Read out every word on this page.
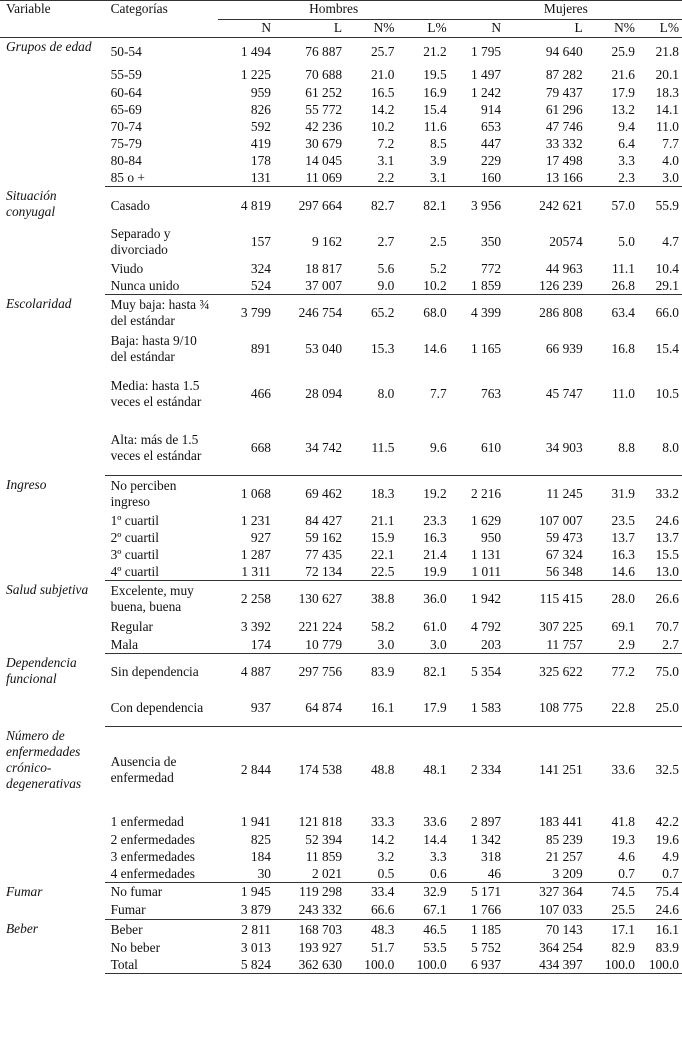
Variable	Categorías	Hombres				Mujeres			
		N	L	N%	L%	N	L	N%	L%
Grupos de edad	50-54	1 494	76 887	25.7	21.2	1 795	94 640	25.9	21.8
	55-59	1 225	70 688	21.0	19.5	1 497	87 282	21.6	20.1
	60-64	959	61 252	16.5	16.9	1 242	79 437	17.9	18.3
	65-69	826	55 772	14.2	15.4	914	61 296	13.2	14.1
	70-74	592	42 236	10.2	11.6	653	47 746	9.4	11.0
	75-79	419	30 679	7.2	8.5	447	33 332	6.4	7.7
	80-84	178	14 045	3.1	3.9	229	17 498	3.3	4.0
	85 o +	131	11 069	2.2	3.1	160	13 166	2.3	3.0
Situación conyugal	Casado	4 819	297 664	82.7	82.1	3 956	242 621	57.0	55.9
	Separado y divorciado	157	9 162	2.7	2.5	350	20574	5.0	4.7
	Viudo	324	18 817	5.6	5.2	772	44 963	11.1	10.4
	Nunca unido	524	37 007	9.0	10.2	1 859	126 239	26.8	29.1
Escolaridad	Muy baja: hasta ¾ del estándar	3 799	246 754	65.2	68.0	4 399	286 808	63.4	66.0
	Baja: hasta 9/10 del estándar	891	53 040	15.3	14.6	1 165	66 939	16.8	15.4
	Media: hasta 1.5 veces el estándar	466	28 094	8.0	7.7	763	45 747	11.0	10.5
	Alta: más de 1.5 veces el estándar	668	34 742	11.5	9.6	610	34 903	8.8	8.0
Ingreso	No perciben ingreso	1 068	69 462	18.3	19.2	2 216	11 245	31.9	33.2
	1º cuartil	1 231	84 427	21.1	23.3	1 629	107 007	23.5	24.6
	2º cuartil	927	59 162	15.9	16.3	950	59 473	13.7	13.7
	3º cuartil	1 287	77 435	22.1	21.4	1 131	67 324	16.3	15.5
	4º cuartil	1 311	72 134	22.5	19.9	1 011	56 348	14.6	13.0
Salud subjetiva	Excelente, muy buena, buena	2 258	130 627	38.8	36.0	1 942	115 415	28.0	26.6
	Regular	3 392	221 224	58.2	61.0	4 792	307 225	69.1	70.7
	Mala	174	10 779	3.0	3.0	203	11 757	2.9	2.7
Dependencia funcional	Sin dependencia	4 887	297 756	83.9	82.1	5 354	325 622	77.2	75.0
	Con dependencia	937	64 874	16.1	17.9	1 583	108 775	22.8	25.0
Número de enfermedades crónico-degenerativas	Ausencia de enfermedad	2 844	174 538	48.8	48.1	2 334	141 251	33.6	32.5
	1 enfermedad	1 941	121 818	33.3	33.6	2 897	183 441	41.8	42.2
	2 enfermedades	825	52 394	14.2	14.4	1 342	85 239	19.3	19.6
	3 enfermedades	184	11 859	3.2	3.3	318	21 257	4.6	4.9
	4 enfermedades	30	2 021	0.5	0.6	46	3 209	0.7	0.7
Fumar	No fumar	1 945	119 298	33.4	32.9	5 171	327 364	74.5	75.4
	Fumar	3 879	243 332	66.6	67.1	1 766	107 033	25.5	24.6
Beber	Beber	2 811	168 703	48.3	46.5	1 185	70 143	17.1	16.1
	No beber	3 013	193 927	51.7	53.5	5 752	364 254	82.9	83.9
	Total	5 824	362 630	100.0	100.0	6 937	434 397	100.0	100.0
